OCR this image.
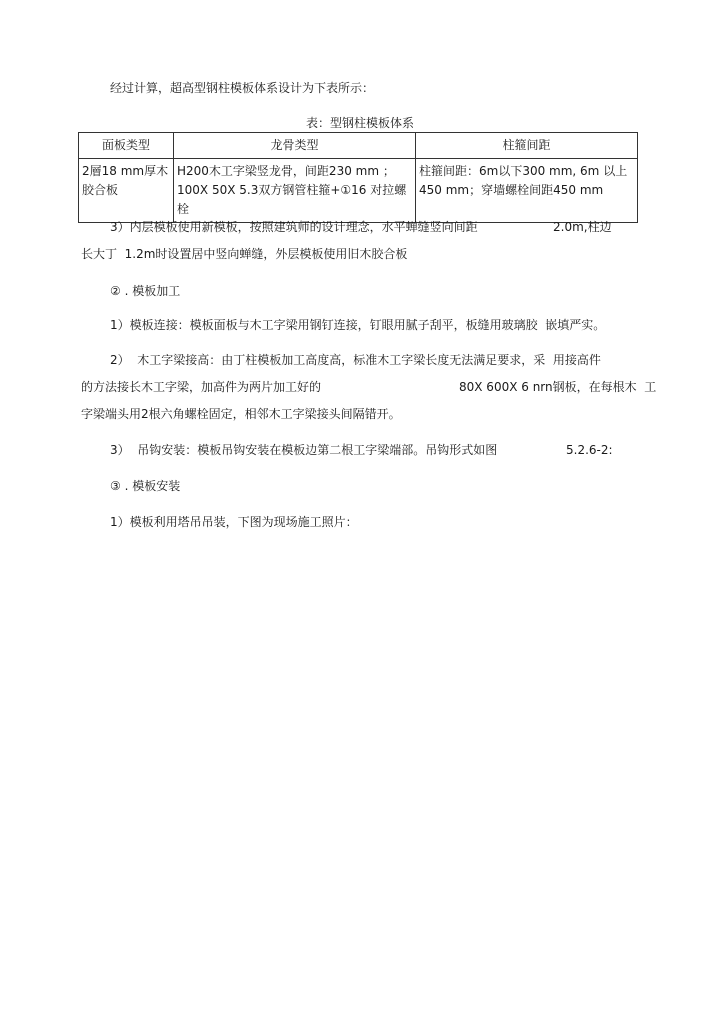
经过计算，超高型钢柱模板体系设计为下表所示：
表：型钢柱模板体系
面板类型	龙骨类型	柱箍间距
2層18 mm厚木胶合板	H200木工字梁竖龙骨，间距230 mm ；100X 50X 5.3双方钢管柱箍+①16 对拉螺栓	柱箍间距：6m以下300 mm, 6m 以上450 mm；穿墙螺栓间距450 mm
3）内层模板使用新模板，按照建筑师的设计理念，水平蝉缝竖向间距	2.0m,柱边
长大丁  1.2m时设置居中竖向蝉缝，外层模板使用旧木胶合板
② . 模板加工
1）模板连接：模板面板与木工字梁用钢钉连接，钉眼用腻子刮平，板缝用玻璃胶  嵌填严实。
2）  木工字梁接高：由丁柱模板加工高度高，标准木工字梁长度无法满足要求，采  用接高件
的方法接长木工字梁，加高件为两片加工好的	80X 600X 6 nrn钢板，在每根木  工
字梁端头用2根六角螺栓固定，相邻木工字梁接头间隔错开。
3）  吊钩安装：模板吊钩安装在模板边第二根工字梁端部。吊钩形式如图	5.2.6-2:
③ . 模板安装
1）模板利用塔吊吊装，下图为现场施工照片：
